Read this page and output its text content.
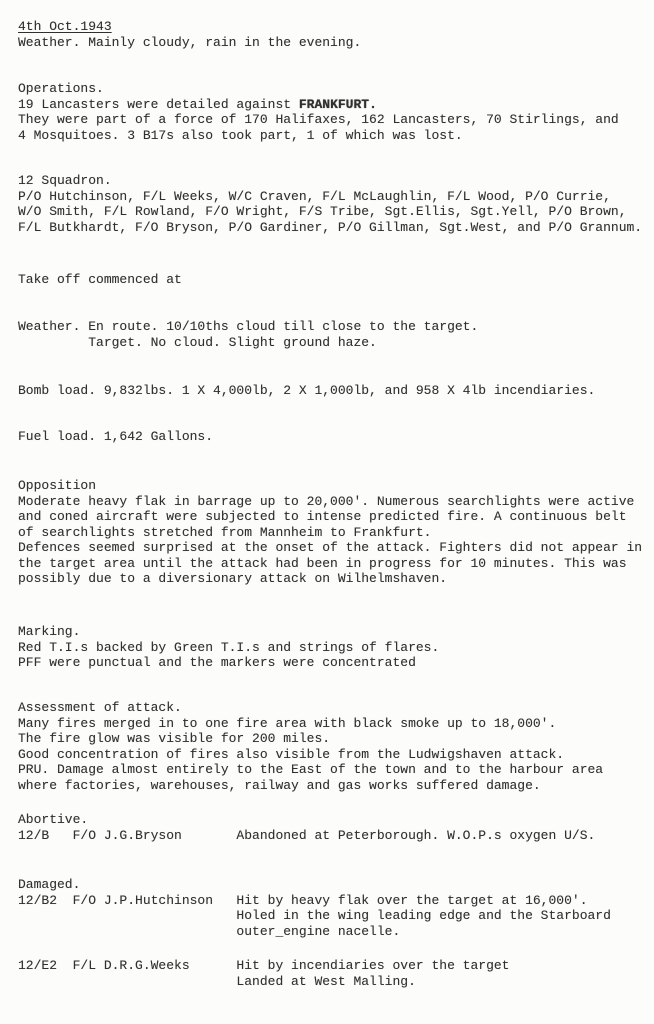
4th Oct.1943
Weather. Mainly cloudy, rain in the evening.
Operations.
19 Lancasters were detailed against FRANKFURT.
They were part of a force of 170 Halifaxes, 162 Lancasters, 70 Stirlings, and
4 Mosquitoes. 3 B17s also took part, 1 of which was lost.
12 Squadron.
P/O Hutchinson, F/L Weeks, W/C Craven, F/L McLaughlin, F/L Wood, P/O Currie,
W/O Smith, F/L Rowland, F/O Wright, F/S Tribe, Sgt.Ellis, Sgt.Yell, P/O Brown,
F/L Butkhardt, F/O Bryson, P/O Gardiner, P/O Gillman, Sgt.West, and P/O Grannum.
Take off commenced at
Weather. En route. 10/10ths cloud till close to the target.
Target. No cloud. Slight ground haze.
Bomb load. 9,832lbs. 1 X 4,000lb, 2 X 1,000lb, and 958 X 4lb incendiaries.
Fuel load. 1,642 Gallons.
Opposition
Moderate heavy flak in barrage up to 20,000'. Numerous searchlights were active
and coned aircraft were subjected to intense predicted fire. A continuous belt
of searchlights stretched from Mannheim to Frankfurt.
Defences seemed surprised at the onset of the attack. Fighters did not appear in
the target area until the attack had been in progress for 10 minutes. This was
possibly due to a diversionary attack on Wilhelmshaven.
Marking.
Red T.I.s backed by Green T.I.s and strings of flares.
PFF were punctual and the markers were concentrated
Assessment of attack.
Many fires merged in to one fire area with black smoke up to 18,000'.
The fire glow was visible for 200 miles.
Good concentration of fires also visible from the Ludwigshaven attack.
PRU. Damage almost entirely to the East of the town and to the harbour area
where factories, warehouses, railway and gas works suffered damage.
Abortive.
12/B   F/O J.G.Bryson       Abandoned at Peterborough. W.O.P.s oxygen U/S.
Damaged.
12/B2  F/O J.P.Hutchinson   Hit by heavy flak over the target at 16,000'.
Holed in the wing leading edge and the Starboard
outer_engine nacelle.
12/E2  F/L D.R.G.Weeks      Hit by incendiaries over the target
Landed at West Malling.
